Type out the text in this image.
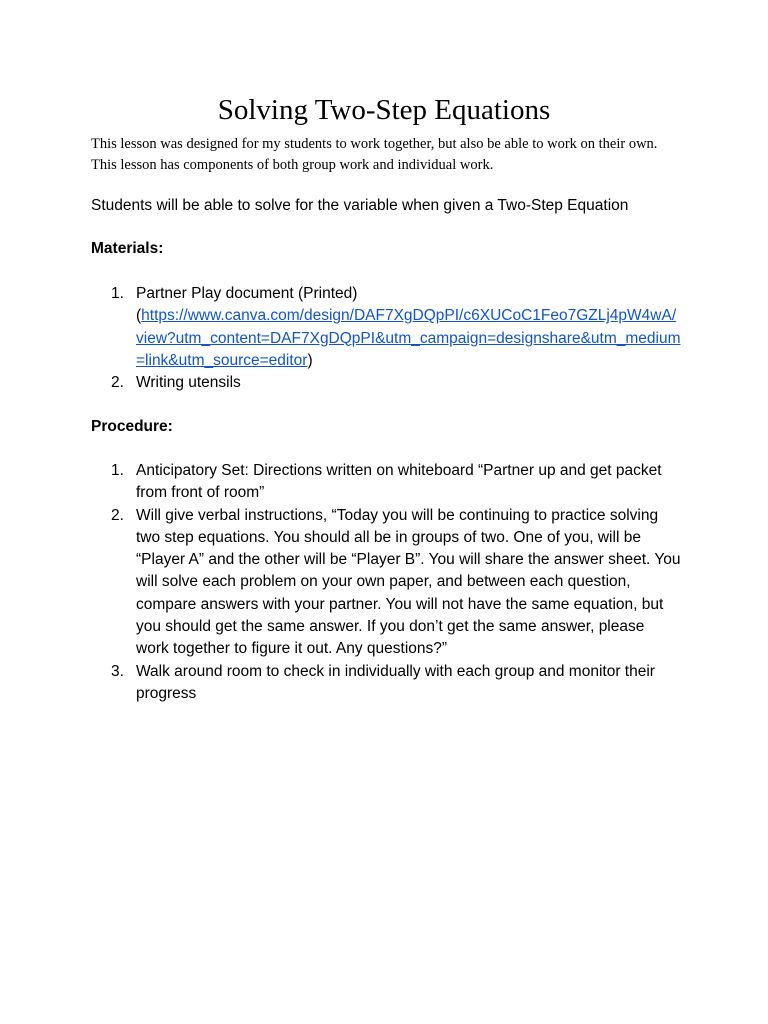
Solving Two-Step Equations

This lesson was designed for my students to work together, but also be able to work on their own. This lesson has components of both group work and individual work.

Students will be able to solve for the variable when given a Two-Step Equation

Materials:

1. Partner Play document (Printed)
(https://www.canva.com/design/DAF7XgDQpPI/c6XUCoC1Feo7GZLj4pW4wA/view?utm_content=DAF7XgDQpPI&utm_campaign=designshare&utm_medium=link&utm_source=editor)
2. Writing utensils

Procedure:

1. Anticipatory Set: Directions written on whiteboard “Partner up and get packet from front of room”
2. Will give verbal instructions, “Today you will be continuing to practice solving two step equations. You should all be in groups of two. One of you, will be “Player A” and the other will be “Player B”. You will share the answer sheet. You will solve each problem on your own paper, and between each question, compare answers with your partner. You will not have the same equation, but you should get the same answer. If you don’t get the same answer, please work together to figure it out. Any questions?”
3. Walk around room to check in individually with each group and monitor their progress
